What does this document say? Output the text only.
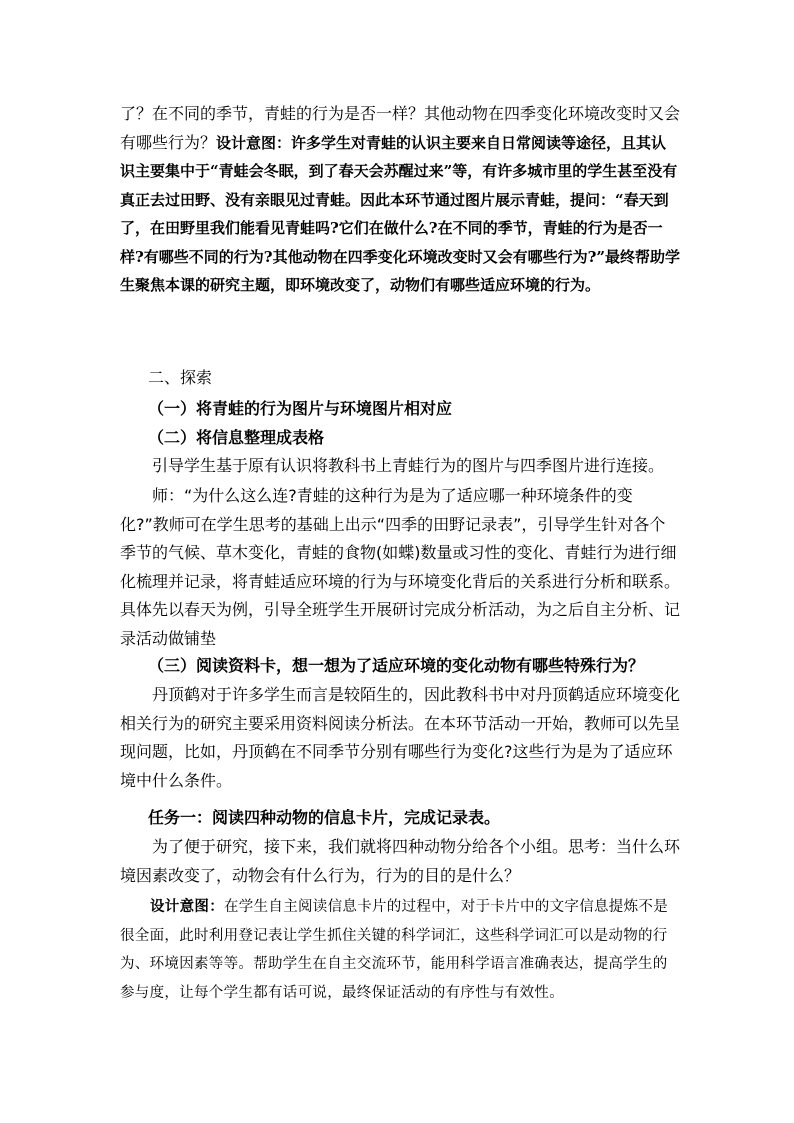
了？在不同的季节，青蛙的行为是否一样？其他动物在四季变化环境改变时又会有哪些行为？设计意图：许多学生对青蛙的认识主要来自日常阅读等途径，且其认识主要集中于“青蛙会冬眠，到了春天会苏醒过来”等，有许多城市里的学生甚至没有真正去过田野、没有亲眼见过青蛙。因此本环节通过图片展示青蛙，提问：“春天到了，在田野里我们能看见青蛙吗?它们在做什么?在不同的季节，青蛙的行为是否一样?有哪些不同的行为?其他动物在四季变化环境改变时又会有哪些行为?”最终帮助学生聚焦本课的研究主题，即环境改变了，动物们有哪些适应环境的行为。
二、探索
（一）将青蛙的行为图片与环境图片相对应
（二）将信息整理成表格
引导学生基于原有认识将教科书上青蛙行为的图片与四季图片进行连接。
师：“为什么这么连?青蛙的这种行为是为了适应哪一种环境条件的变化?”教师可在学生思考的基础上出示“四季的田野记录表”，引导学生针对各个季节的气候、草木变化，青蛙的食物(如蝶)数量或习性的变化、青蛙行为进行细化梳理并记录，将青蛙适应环境的行为与环境变化背后的关系进行分析和联系。具体先以春天为例，引导全班学生开展研讨完成分析活动，为之后自主分析、记录活动做铺垫
（三）阅读资料卡，想一想为了适应环境的变化动物有哪些特殊行为？
丹顶鹤对于许多学生而言是较陌生的，因此教科书中对丹顶鹤适应环境变化相关行为的研究主要采用资料阅读分析法。在本环节活动一开始，教师可以先呈现问题，比如，丹顶鹤在不同季节分别有哪些行为变化?这些行为是为了适应环境中什么条件。
任务一：阅读四种动物的信息卡片，完成记录表。
为了便于研究，接下来，我们就将四种动物分给各个小组。思考：当什么环境因素改变了，动物会有什么行为，行为的目的是什么？
设计意图：在学生自主阅读信息卡片的过程中，对于卡片中的文字信息提炼不是很全面，此时利用登记表让学生抓住关键的科学词汇，这些科学词汇可以是动物的行为、环境因素等等。帮助学生在自主交流环节，能用科学语言准确表达，提高学生的参与度，让每个学生都有话可说，最终保证活动的有序性与有效性。
